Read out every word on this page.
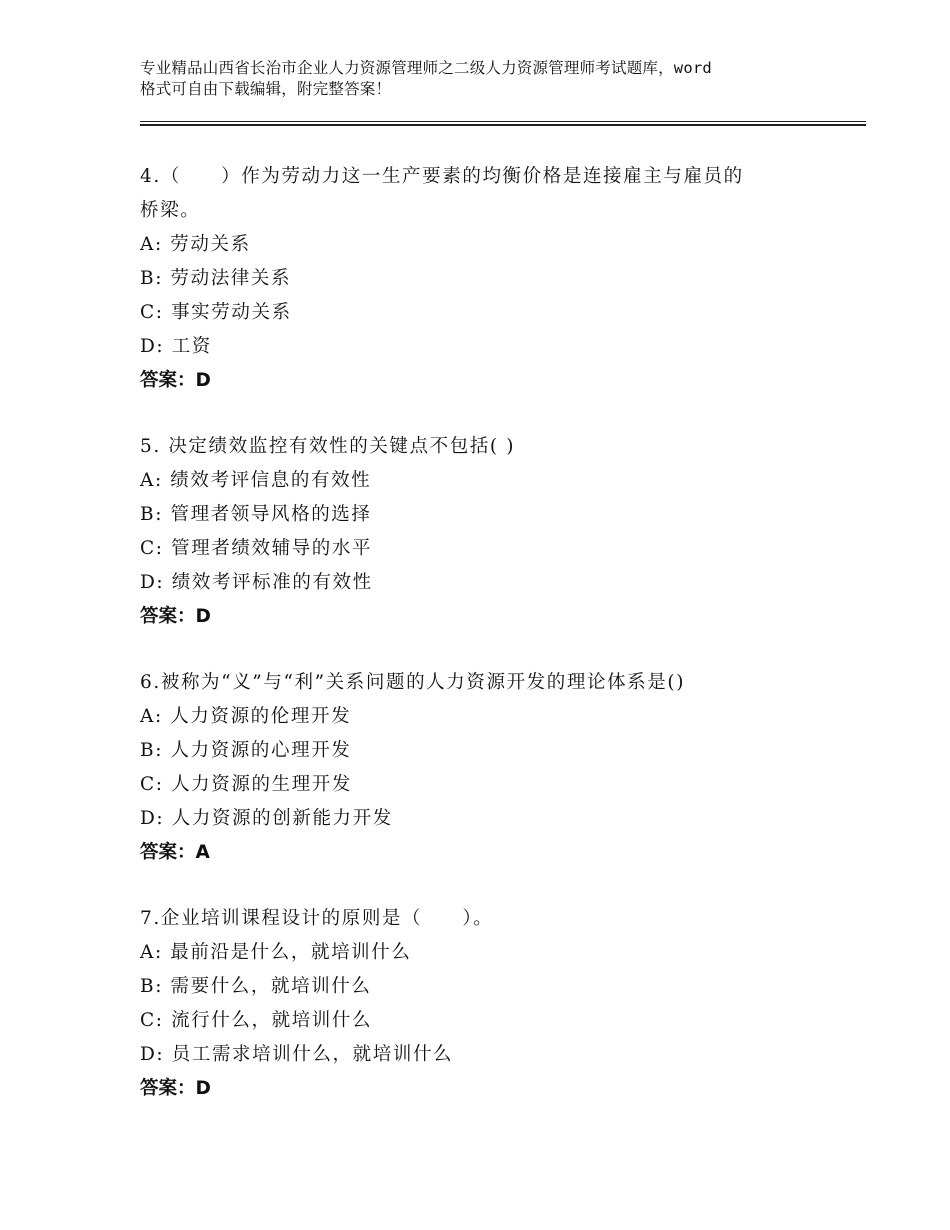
专业精品山西省长治市企业人力资源管理师之二级人力资源管理师考试题库，word
格式可自由下载编辑，附完整答案！
4.（　　）作为劳动力这一生产要素的均衡价格是连接雇主与雇员的
桥梁。
A: 劳动关系
B: 劳动法律关系
C: 事实劳动关系
D: 工资
答案：D
5. 决定绩效监控有效性的关键点不包括( )
A: 绩效考评信息的有效性
B: 管理者领导风格的选择
C: 管理者绩效辅导的水平
D: 绩效考评标准的有效性
答案：D
6.被称为“义”与“利”关系问题的人力资源开发的理论体系是()
A: 人力资源的伦理开发
B: 人力资源的心理开发
C: 人力资源的生理开发
D: 人力资源的创新能力开发
答案：A
7.企业培训课程设计的原则是（　　）。
A: 最前沿是什么，就培训什么
B: 需要什么，就培训什么
C: 流行什么，就培训什么
D: 员工需求培训什么，就培训什么
答案：D
